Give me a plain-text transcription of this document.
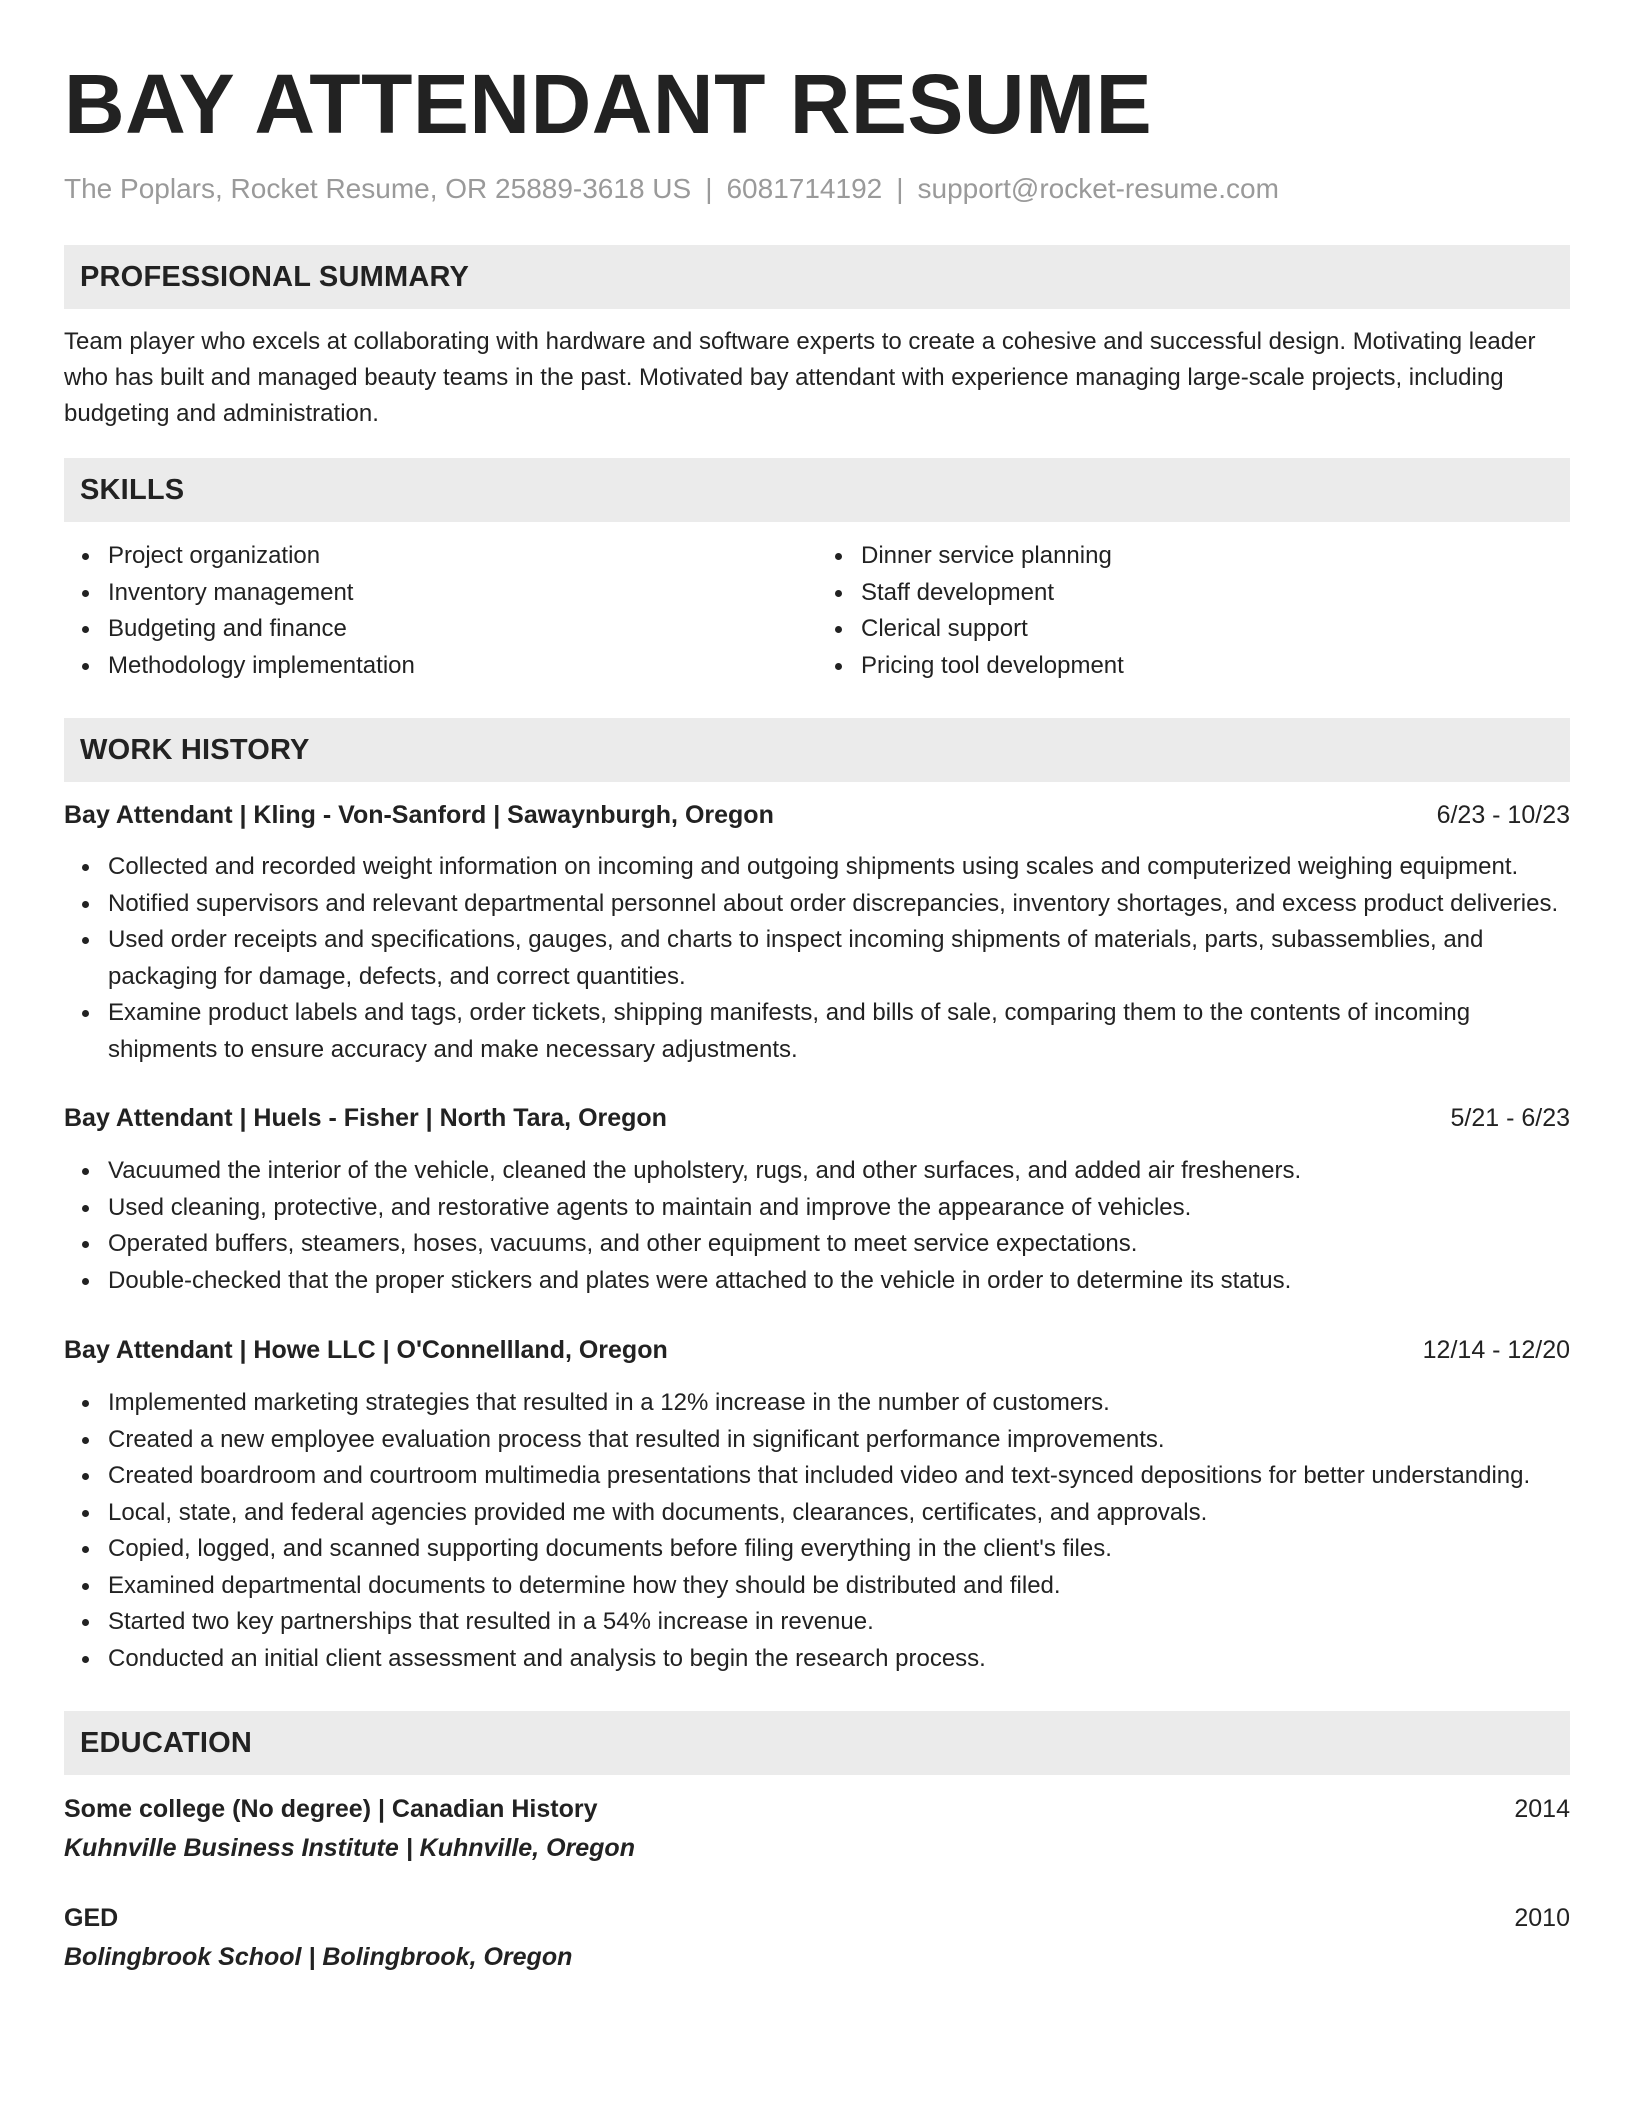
BAY ATTENDANT RESUME
The Poplars, Rocket Resume, OR 25889-3618 US | 6081714192 | support@rocket-resume.com
PROFESSIONAL SUMMARY
Team player who excels at collaborating with hardware and software experts to create a cohesive and successful design. Motivating leader who has built and managed beauty teams in the past. Motivated bay attendant with experience managing large-scale projects, including budgeting and administration.
SKILLS
Project organization
Inventory management
Budgeting and finance
Methodology implementation
Dinner service planning
Staff development
Clerical support
Pricing tool development
WORK HISTORY
Bay Attendant | Kling - Von-Sanford | Sawaynburgh, Oregon	6/23 - 10/23
Collected and recorded weight information on incoming and outgoing shipments using scales and computerized weighing equipment.
Notified supervisors and relevant departmental personnel about order discrepancies, inventory shortages, and excess product deliveries.
Used order receipts and specifications, gauges, and charts to inspect incoming shipments of materials, parts, subassemblies, and packaging for damage, defects, and correct quantities.
Examine product labels and tags, order tickets, shipping manifests, and bills of sale, comparing them to the contents of incoming shipments to ensure accuracy and make necessary adjustments.
Bay Attendant | Huels - Fisher | North Tara, Oregon	5/21 - 6/23
Vacuumed the interior of the vehicle, cleaned the upholstery, rugs, and other surfaces, and added air fresheners.
Used cleaning, protective, and restorative agents to maintain and improve the appearance of vehicles.
Operated buffers, steamers, hoses, vacuums, and other equipment to meet service expectations.
Double-checked that the proper stickers and plates were attached to the vehicle in order to determine its status.
Bay Attendant | Howe LLC | O'Connellland, Oregon	12/14 - 12/20
Implemented marketing strategies that resulted in a 12% increase in the number of customers.
Created a new employee evaluation process that resulted in significant performance improvements.
Created boardroom and courtroom multimedia presentations that included video and text-synced depositions for better understanding.
Local, state, and federal agencies provided me with documents, clearances, certificates, and approvals.
Copied, logged, and scanned supporting documents before filing everything in the client's files.
Examined departmental documents to determine how they should be distributed and filed.
Started two key partnerships that resulted in a 54% increase in revenue.
Conducted an initial client assessment and analysis to begin the research process.
EDUCATION
Some college (No degree) | Canadian History	2014
Kuhnville Business Institute | Kuhnville, Oregon
GED	2010
Bolingbrook School | Bolingbrook, Oregon
